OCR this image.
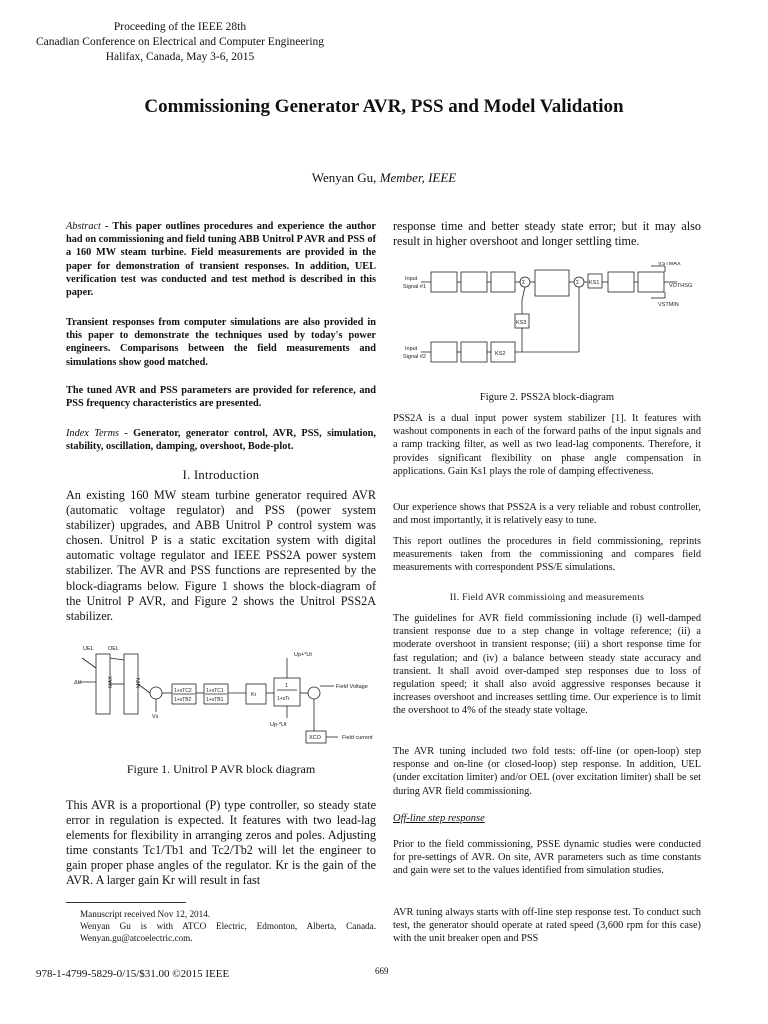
Proceeding of the IEEE 28th
Canadian Conference on Electrical and Computer Engineering
Halifax, Canada, May 3-6, 2015
Commissioning Generator AVR, PSS and Model Validation
Wenyan Gu, Member, IEEE
Abstract - This paper outlines procedures and experience the author had on commissioning and field tuning ABB Unitrol P AVR and PSS of a 160 MW steam turbine. Field measurements are provided in the paper for demonstration of transient responses. In addition, UEL verification test was conducted and test method is described in this paper.
Transient responses from computer simulations are also provided in this paper to demonstrate the techniques used by today's power engineers. Comparisons between the field measurements and simulations show good matched.
The tuned AVR and PSS parameters are provided for reference, and PSS frequency characteristics are presented.
Index Terms - Generator, generator control, AVR, PSS, simulation, stability, oscillation, damping, overshoot, Bode-plot.
I. Introduction
An existing 160 MW steam turbine generator required AVR (automatic voltage regulator) and PSS (power system stabilizer) upgrades, and ABB Unitrol P control system was chosen. Unitrol P is a static excitation system with digital automatic voltage regulator and IEEE PSS2A power system stabilizer. The AVR and PSS functions are represented by the block-diagrams below. Figure 1 shows the block-diagram of the Unitrol P AVR, and Figure 2 shows the Unitrol PSS2A stabilizer.
UEL	OEL
ΔU	MAX	MIN
Vs
1+sTC2
1+sTB2
1+sTC1
1+sTB1
Kr
1
1+sTr
Up+*Ut
Up-*Ut
Field Voltage
Field current
XCO
Figure 1. Unitrol P AVR block diagram
This AVR is a proportional (P) type controller, so steady state error in regulation is expected. It features with two lead-lag elements for flexibility in arranging zeros and poles. Adjusting time constants Tc1/Tb1 and Tc2/Tb2 will let the engineer to gain proper phase angles of the regulator. Kr is the gain of the AVR. A larger gain Kr will result in fast
Manuscript received Nov 12, 2014.
Wenyan Gu is with ATCO Electric, Edmonton, Alberta, Canada. Wenyan.gu@atcoelectric.com.
response time and better steady state error; but it may also result in higher overshoot and longer settling time.
Input
Signal #1
Input
Signal #2
VSTMAX
VSTMIN
VOTHSG
KS1
KS2
KS3
Σ	Σ
Figure 2. PSS2A block-diagram
PSS2A is a dual input power system stabilizer [1]. It features with washout components in each of the forward paths of the input signals and a ramp tracking filter, as well as two lead-lag components. Therefore, it provides significant flexibility on phase angle compensation in applications. Gain Ks1 plays the role of damping effectiveness.
Our experience shows that PSS2A is a very reliable and robust controller, and most importantly, it is relatively easy to tune.
This report outlines the procedures in field commissioning, reprints measurements taken from the commissioning and compares field measurements with correspondent PSS/E simulations.
II. Field AVR commissioing and measurements
The guidelines for AVR field commissioning include (i) well-damped transient response due to a step change in voltage reference; (ii) a moderate overshoot in transient response; (iii) a short response time for fast regulation; and (iv) a balance between steady state accuracy and transient. It shall avoid over-damped step responses due to loss of regulation speed; it shall also avoid aggressive responses because it increases overshoot and increases settling time. Our experience is to limit the overshoot to 4% of the steady state voltage.
The AVR tuning included two fold tests: off-line (or open-loop) step response and on-line (or closed-loop) step response. In addition, UEL (under excitation limiter) and/or OEL (over excitation limiter) shall be set during AVR field commissioning.
Off-line step response
Prior to the field commissioning, PSSE dynamic studies were conducted for pre-settings of AVR. On site, AVR parameters such as time constants and gain were set to the values identified from simulation studies.
AVR tuning always starts with off-line step response test. To conduct such test, the generator should operate at rated speed (3,600 rpm for this case) with the unit breaker open and PSS
978-1-4799-5829-0/15/$31.00 ©2015 IEEE	669
